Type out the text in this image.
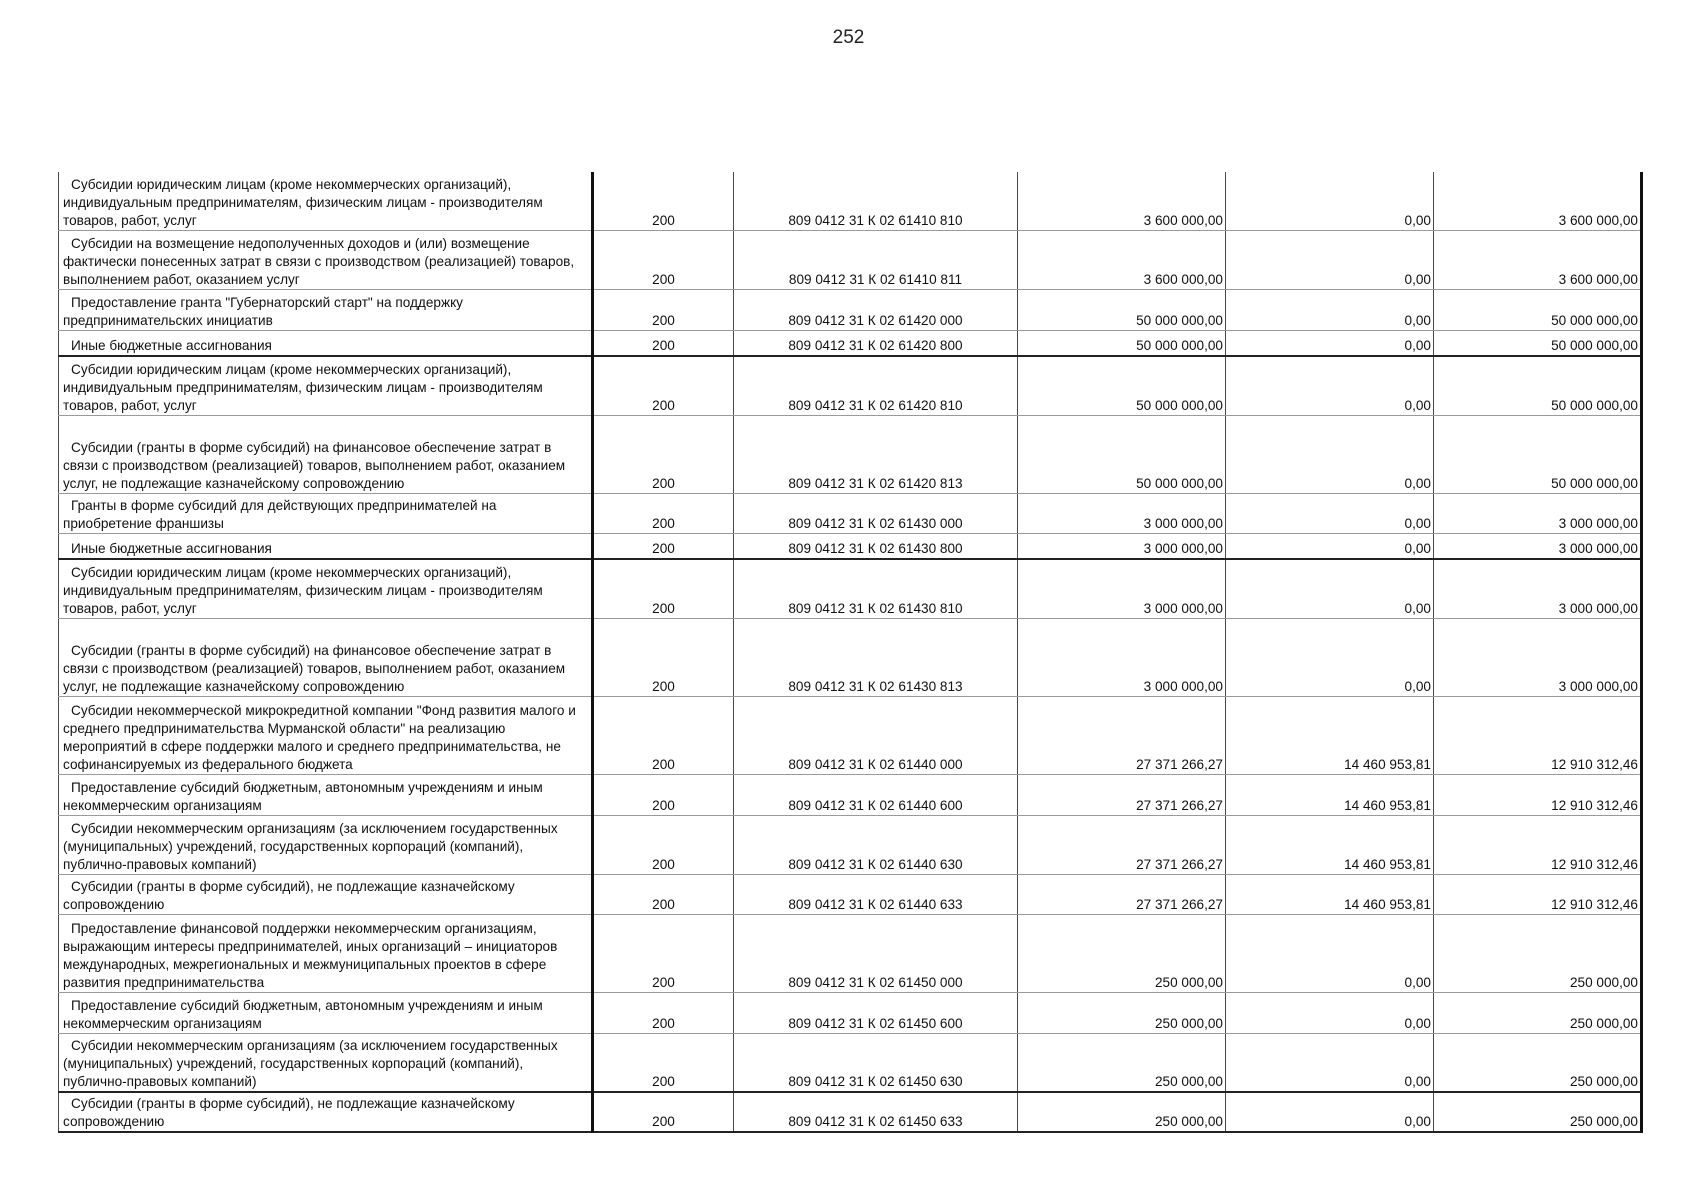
252
Субсидии юридическим лицам (кроме некоммерческих организаций), индивидуальным предпринимателям, физическим лицам - производителям товаров, работ, услуг	200	809 0412 31 К 02 61410 810	3 600 000,00	0,00	3 600 000,00
Субсидии на возмещение недополученных доходов и (или) возмещение фактически понесенных затрат в связи с производством (реализацией) товаров, выполнением работ, оказанием услуг	200	809 0412 31 К 02 61410 811	3 600 000,00	0,00	3 600 000,00
Предоставление гранта "Губернаторский старт" на поддержку предпринимательских инициатив	200	809 0412 31 К 02 61420 000	50 000 000,00	0,00	50 000 000,00
Иные бюджетные ассигнования	200	809 0412 31 К 02 61420 800	50 000 000,00	0,00	50 000 000,00
Субсидии юридическим лицам (кроме некоммерческих организаций), индивидуальным предпринимателям, физическим лицам - производителям товаров, работ, услуг	200	809 0412 31 К 02 61420 810	50 000 000,00	0,00	50 000 000,00
Субсидии (гранты в форме субсидий) на финансовое обеспечение затрат в связи с производством (реализацией) товаров, выполнением работ, оказанием услуг, не подлежащие казначейскому сопровождению	200	809 0412 31 К 02 61420 813	50 000 000,00	0,00	50 000 000,00
Гранты в форме субсидий для действующих предпринимателей на приобретение франшизы	200	809 0412 31 К 02 61430 000	3 000 000,00	0,00	3 000 000,00
Иные бюджетные ассигнования	200	809 0412 31 К 02 61430 800	3 000 000,00	0,00	3 000 000,00
Субсидии юридическим лицам (кроме некоммерческих организаций), индивидуальным предпринимателям, физическим лицам - производителям товаров, работ, услуг	200	809 0412 31 К 02 61430 810	3 000 000,00	0,00	3 000 000,00
Субсидии (гранты в форме субсидий) на финансовое обеспечение затрат в связи с производством (реализацией) товаров, выполнением работ, оказанием услуг, не подлежащие казначейскому сопровождению	200	809 0412 31 К 02 61430 813	3 000 000,00	0,00	3 000 000,00
Субсидии некоммерческой микрокредитной компании "Фонд развития малого и среднего предпринимательства Мурманской области" на реализацию мероприятий в сфере поддержки малого и среднего предпринимательства, не софинансируемых из федерального бюджета	200	809 0412 31 К 02 61440 000	27 371 266,27	14 460 953,81	12 910 312,46
Предоставление субсидий бюджетным, автономным учреждениям и иным некоммерческим организациям	200	809 0412 31 К 02 61440 600	27 371 266,27	14 460 953,81	12 910 312,46
Субсидии некоммерческим организациям (за исключением государственных (муниципальных) учреждений, государственных корпораций (компаний), публично-правовых компаний)	200	809 0412 31 К 02 61440 630	27 371 266,27	14 460 953,81	12 910 312,46
Субсидии (гранты в форме субсидий), не подлежащие казначейскому сопровождению	200	809 0412 31 К 02 61440 633	27 371 266,27	14 460 953,81	12 910 312,46
Предоставление финансовой поддержки некоммерческим организациям, выражающим интересы предпринимателей, иных организаций – инициаторов международных, межрегиональных и межмуниципальных проектов в сфере развития предпринимательства	200	809 0412 31 К 02 61450 000	250 000,00	0,00	250 000,00
Предоставление субсидий бюджетным, автономным учреждениям и иным некоммерческим организациям	200	809 0412 31 К 02 61450 600	250 000,00	0,00	250 000,00
Субсидии некоммерческим организациям (за исключением государственных (муниципальных) учреждений, государственных корпораций (компаний), публично-правовых компаний)	200	809 0412 31 К 02 61450 630	250 000,00	0,00	250 000,00
Субсидии (гранты в форме субсидий), не подлежащие казначейскому сопровождению	200	809 0412 31 К 02 61450 633	250 000,00	0,00	250 000,00
